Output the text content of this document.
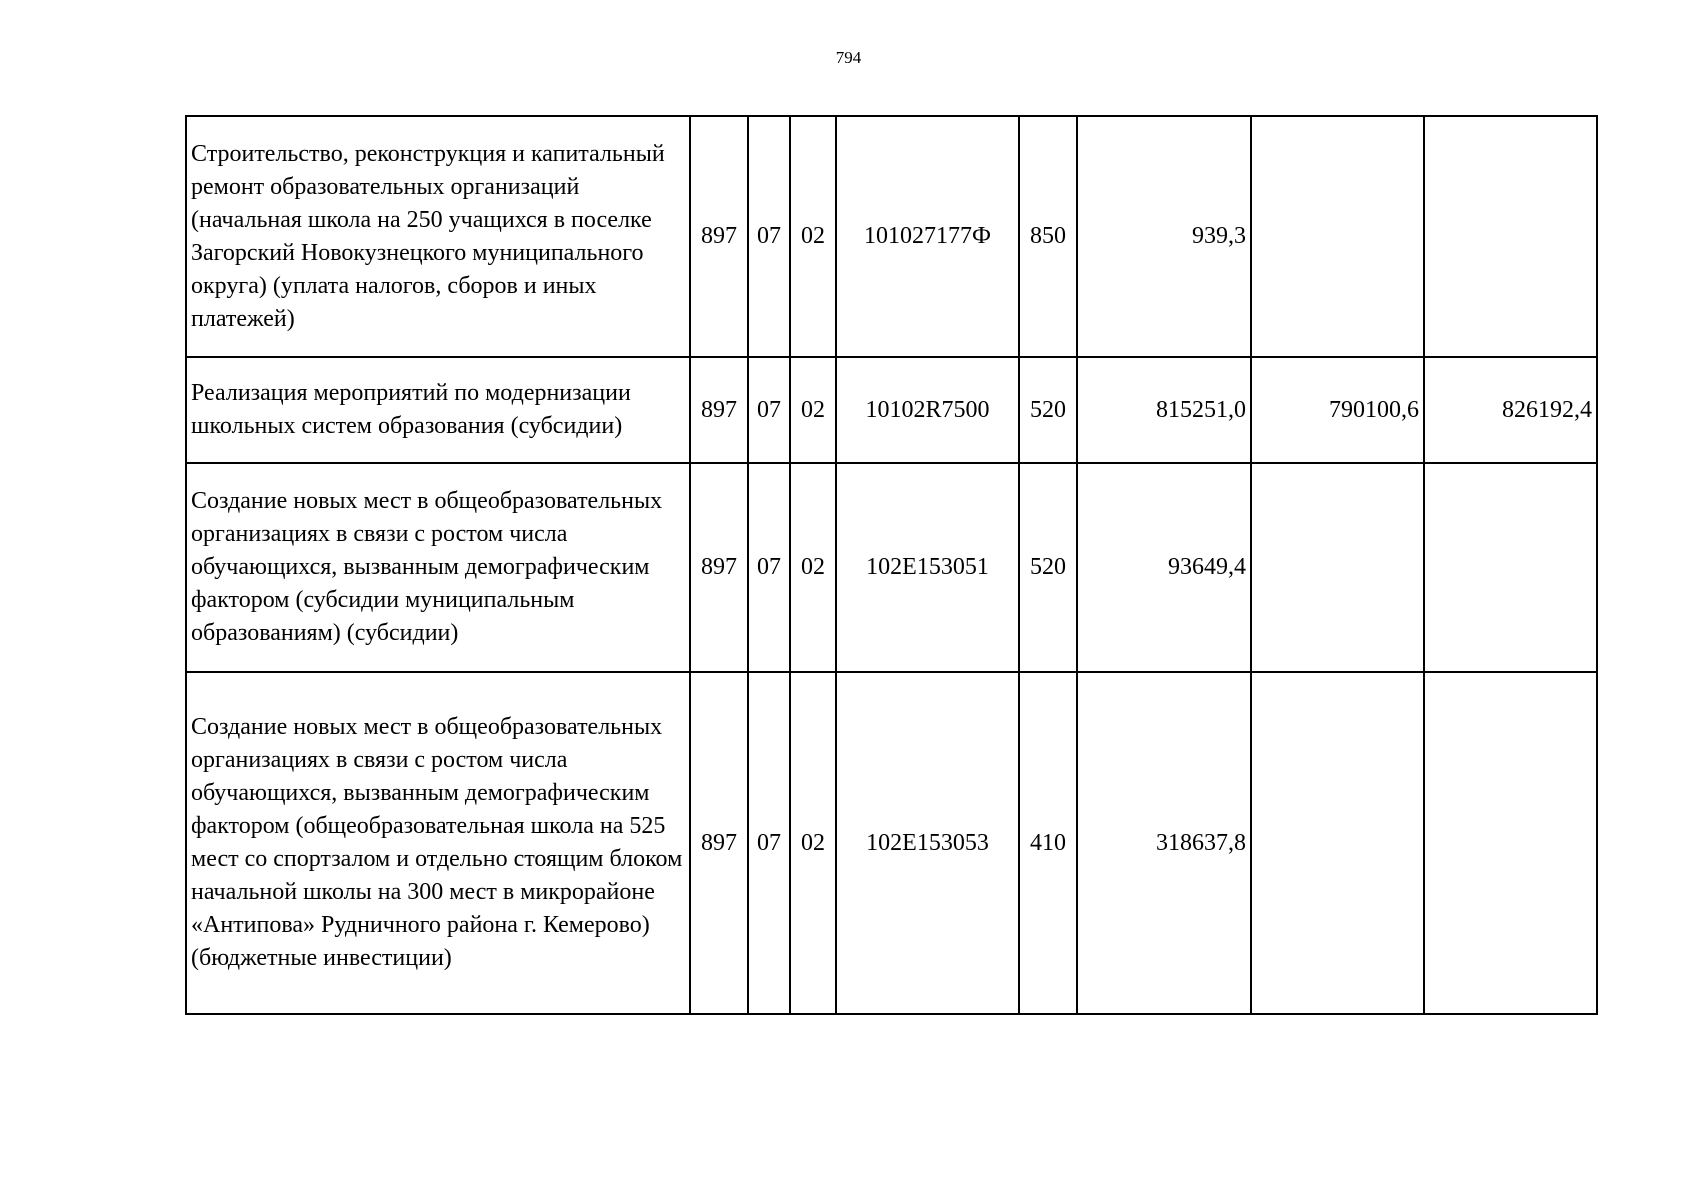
794
Строительство, реконструкция и капитальный ремонт образовательных организаций (начальная школа на 250 учащихся в поселке Загорский Новокузнецкого муниципального округа) (уплата налогов, сборов и иных платежей)	897	07	02	101027177Ф	850	939,3		
Реализация мероприятий по модернизации школьных систем образования (субсидии)	897	07	02	10102R7500	520	815251,0	790100,6	826192,4
Создание новых мест в общеобразовательных организациях в связи с ростом числа обучающихся, вызванным демографическим фактором (субсидии муниципальным образованиям) (субсидии)	897	07	02	102E153051	520	93649,4		
Создание новых мест в общеобразовательных организациях в связи с ростом числа обучающихся, вызванным демографическим фактором (общеобразовательная школа на 525 мест со спортзалом и отдельно стоящим блоком начальной школы на 300 мест в микрорайоне «Антипова» Рудничного района г. Кемерово) (бюджетные инвестиции)	897	07	02	102E153053	410	318637,8		
